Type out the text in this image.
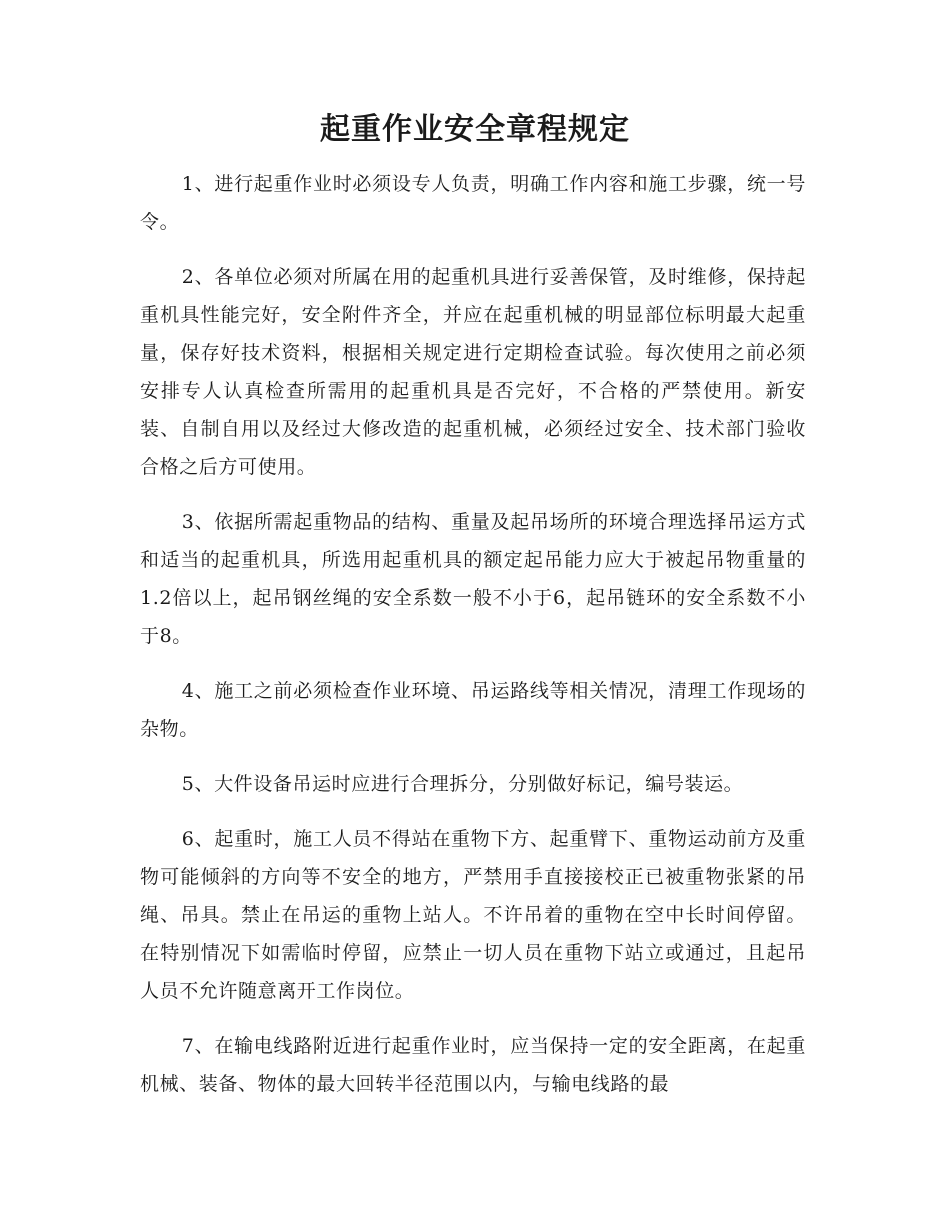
起重作业安全章程规定

1、进行起重作业时必须设专人负责，明确工作内容和施工步骤，统一号令。

2、各单位必须对所属在用的起重机具进行妥善保管，及时维修，保持起重机具性能完好，安全附件齐全，并应在起重机械的明显部位标明最大起重量，保存好技术资料，根据相关规定进行定期检查试验。每次使用之前必须安排专人认真检查所需用的起重机具是否完好，不合格的严禁使用。新安装、自制自用以及经过大修改造的起重机械，必须经过安全、技术部门验收合格之后方可使用。

3、依据所需起重物品的结构、重量及起吊场所的环境合理选择吊运方式和适当的起重机具，所选用起重机具的额定起吊能力应大于被起吊物重量的1.2倍以上，起吊钢丝绳的安全系数一般不小于6，起吊链环的安全系数不小于8。

4、施工之前必须检查作业环境、吊运路线等相关情况，清理工作现场的杂物。

5、大件设备吊运时应进行合理拆分，分别做好标记，编号装运。

6、起重时，施工人员不得站在重物下方、起重臂下、重物运动前方及重物可能倾斜的方向等不安全的地方，严禁用手直接接校正已被重物张紧的吊绳、吊具。禁止在吊运的重物上站人。不许吊着的重物在空中长时间停留。在特别情况下如需临时停留，应禁止一切人员在重物下站立或通过，且起吊人员不允许随意离开工作岗位。

7、在输电线路附近进行起重作业时，应当保持一定的安全距离，在起重机械、装备、物体的最大回转半径范围以内，与输电线路的最
